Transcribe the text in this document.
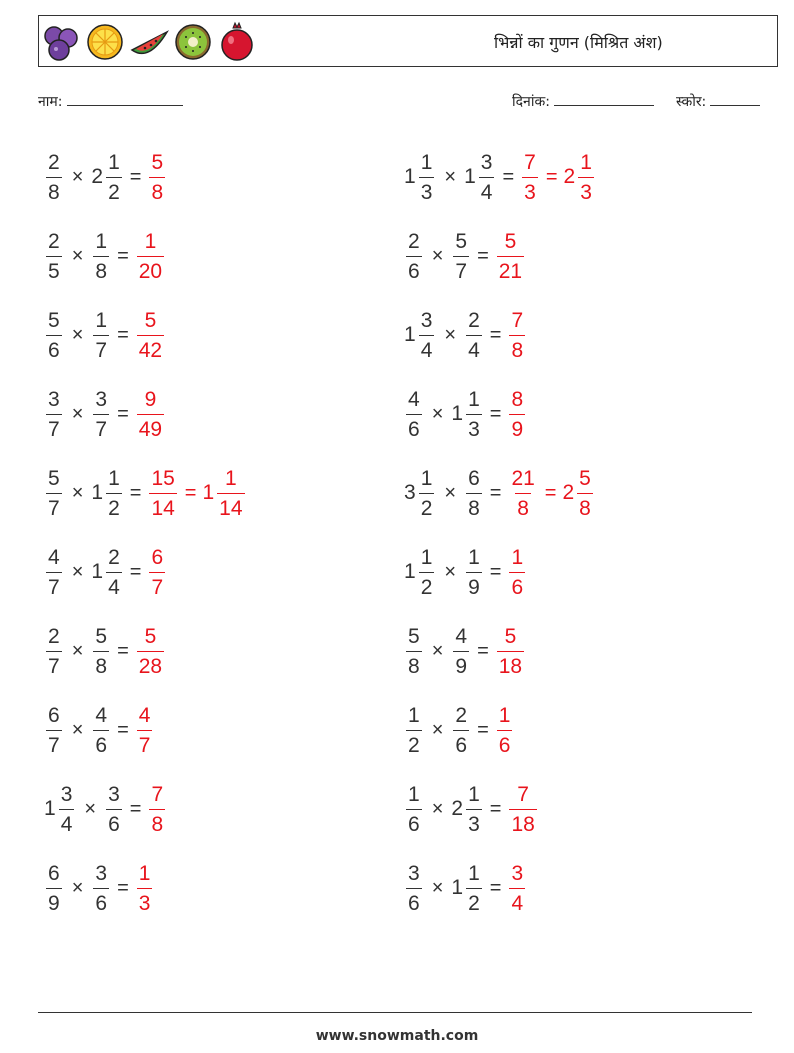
भिन्नों का गुणन (मिश्रित अंश)
नाम:	दिनांक:	स्कोर:
$\frac{2}{8} \times 2 \frac{1}{2} = \frac{5}{8}$	$1 \frac{1}{3} \times 1 \frac{3}{4} = \frac{7}{3} = 2 \frac{1}{3}$
$\frac{2}{5} \times \frac{1}{8} = \frac{1}{20}$	$\frac{2}{6} \times \frac{5}{7} = \frac{5}{21}$
$\frac{5}{6} \times \frac{1}{7} = \frac{5}{42}$	$1 \frac{3}{4} \times \frac{2}{4} = \frac{7}{8}$
$\frac{3}{7} \times \frac{3}{7} = \frac{9}{49}$	$\frac{4}{6} \times 1 \frac{1}{3} = \frac{8}{9}$
$\frac{5}{7} \times 1 \frac{1}{2} = \frac{15}{14} = 1 \frac{1}{14}$	$3 \frac{1}{2} \times \frac{6}{8} = \frac{21}{8} = 2 \frac{5}{8}$
$\frac{4}{7} \times 1 \frac{2}{4} = \frac{6}{7}$	$1 \frac{1}{2} \times \frac{1}{9} = \frac{1}{6}$
$\frac{2}{7} \times \frac{5}{8} = \frac{5}{28}$	$\frac{5}{8} \times \frac{4}{9} = \frac{5}{18}$
$\frac{6}{7} \times \frac{4}{6} = \frac{4}{7}$	$\frac{1}{2} \times \frac{2}{6} = \frac{1}{6}$
$1 \frac{3}{4} \times \frac{3}{6} = \frac{7}{8}$	$\frac{1}{6} \times 2 \frac{1}{3} = \frac{7}{18}$
$\frac{6}{9} \times \frac{3}{6} = \frac{1}{3}$	$\frac{3}{6} \times 1 \frac{1}{2} = \frac{3}{4}$
www.snowmath.com
